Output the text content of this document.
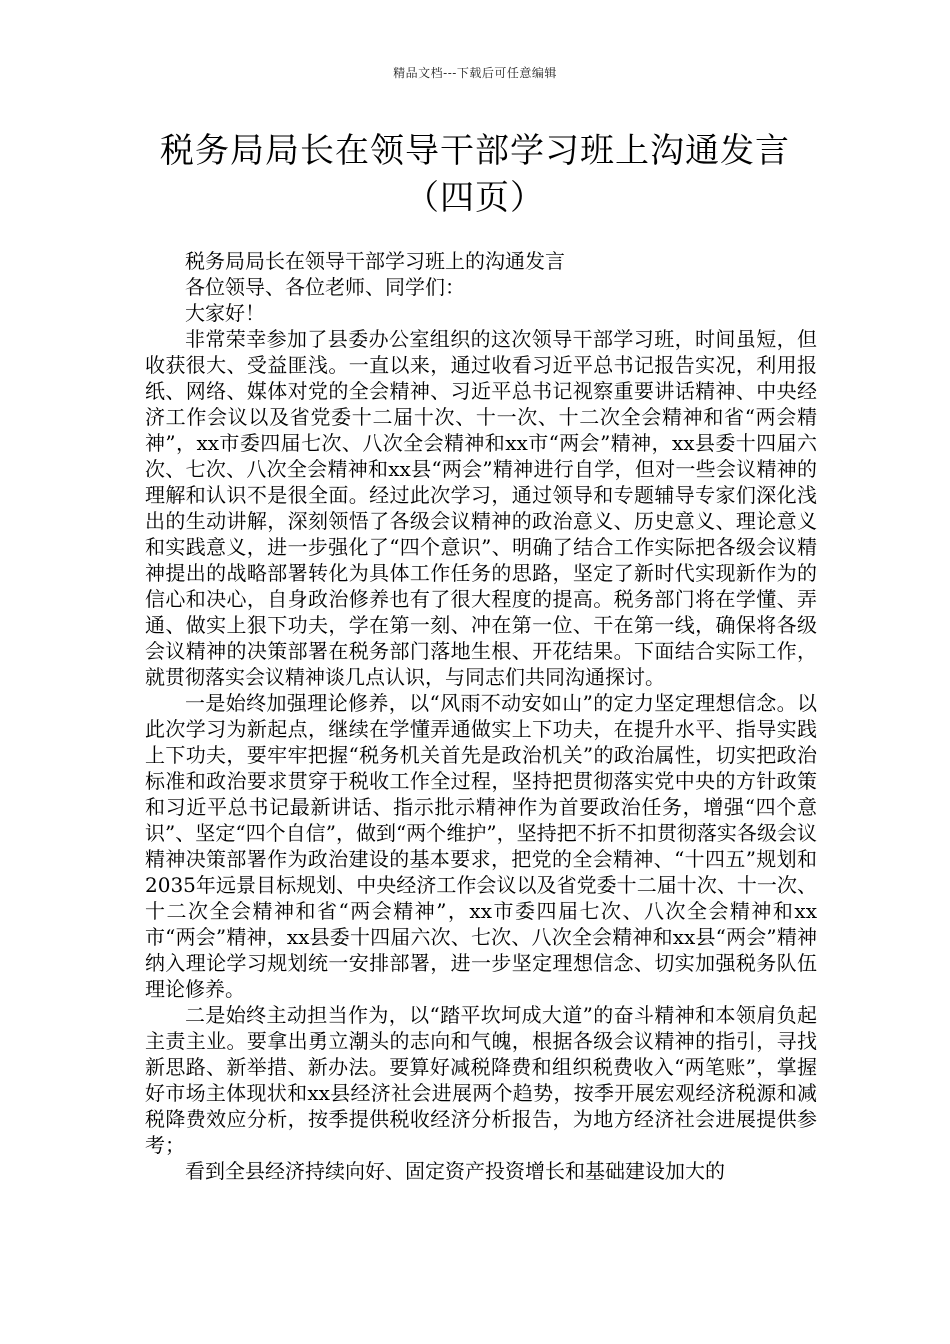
精品文档---下载后可任意编辑
税务局局长在领导干部学习班上沟通发言
（四页）

税务局局长在领导干部学习班上的沟通发言

各位领导、各位老师、同学们：

大家好！

非常荣幸参加了县委办公室组织的这次领导干部学习班，时间虽短，但收获很大、受益匪浅。一直以来，通过收看习近平总书记报告实况，利用报纸、网络、媒体对党的全会精神、习近平总书记视察重要讲话精神、中央经济工作会议以及省党委十二届十次、十一次、十二次全会精神和省“两会精神”，xx市委四届七次、八次全会精神和xx市“两会”精神，xx县委十四届六次、七次、八次全会精神和xx县“两会”精神进行自学，但对一些会议精神的理解和认识不是很全面。经过此次学习，通过领导和专题辅导专家们深化浅出的生动讲解，深刻领悟了各级会议精神的政治意义、历史意义、理论意义和实践意义，进一步强化了“四个意识”、明确了结合工作实际把各级会议精神提出的战略部署转化为具体工作任务的思路，坚定了新时代实现新作为的信心和决心，自身政治修养也有了很大程度的提高。税务部门将在学懂、弄通、做实上狠下功夫，学在第一刻、冲在第一位、干在第一线，确保将各级会议精神的决策部署在税务部门落地生根、开花结果。下面结合实际工作，就贯彻落实会议精神谈几点认识，与同志们共同沟通探讨。

一是始终加强理论修养，以“风雨不动安如山”的定力坚定理想信念。以此次学习为新起点，继续在学懂弄通做实上下功夫，在提升水平、指导实践上下功夫，要牢牢把握“税务机关首先是政治机关”的政治属性，切实把政治标准和政治要求贯穿于税收工作全过程，坚持把贯彻落实党中央的方针政策和习近平总书记最新讲话、指示批示精神作为首要政治任务，增强“四个意识”、坚定“四个自信”，做到“两个维护”，坚持把不折不扣贯彻落实各级会议精神决策部署作为政治建设的基本要求，把党的全会精神、“十四五”规划和2035年远景目标规划、中央经济工作会议以及省党委十二届十次、十一次、十二次全会精神和省“两会精神”，xx市委四届七次、八次全会精神和xx市“两会”精神，xx县委十四届六次、七次、八次全会精神和xx县“两会”精神纳入理论学习规划统一安排部署，进一步坚定理想信念、切实加强税务队伍理论修养。

二是始终主动担当作为，以“踏平坎坷成大道”的奋斗精神和本领肩负起主责主业。要拿出勇立潮头的志向和气魄，根据各级会议精神的指引，寻找新思路、新举措、新办法。要算好减税降费和组织税费收入“两笔账”，掌握好市场主体现状和xx县经济社会进展两个趋势，按季开展宏观经济税源和减税降费效应分析，按季提供税收经济分析报告，为地方经济社会进展提供参考；

看到全县经济持续向好、固定资产投资增长和基础建设加大的
